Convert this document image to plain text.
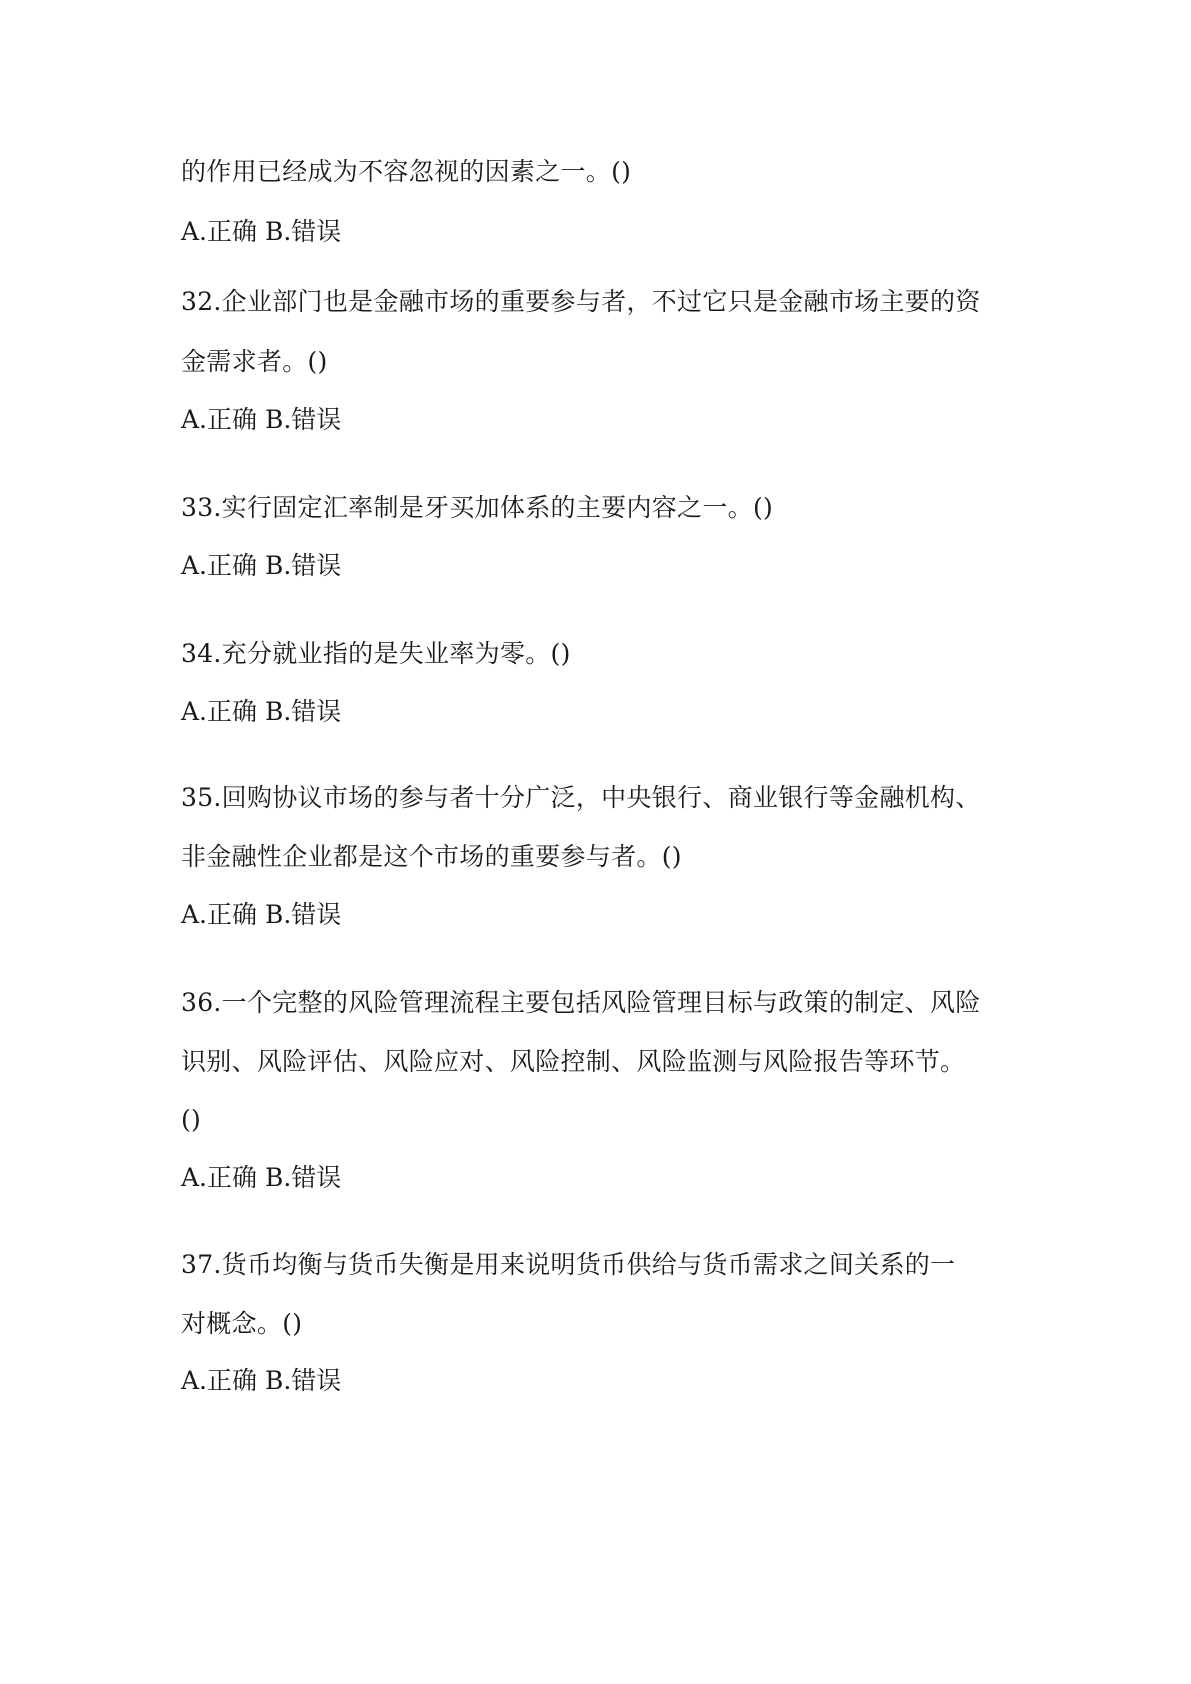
的作用已经成为不容忽视的因素之一。()
A.正确 B.错误
32.企业部门也是金融市场的重要参与者，不过它只是金融市场主要的资
金需求者。()
A.正确 B.错误
33.实行固定汇率制是牙买加体系的主要内容之一。()
A.正确 B.错误
34.充分就业指的是失业率为零。()
A.正确 B.错误
35.回购协议市场的参与者十分广泛，中央银行、商业银行等金融机构、
非金融性企业都是这个市场的重要参与者。()
A.正确 B.错误
36.一个完整的风险管理流程主要包括风险管理目标与政策的制定、风险
识别、风险评估、风险应对、风险控制、风险监测与风险报告等环节。
()
A.正确 B.错误
37.货币均衡与货币失衡是用来说明货币供给与货币需求之间关系的一
对概念。()
A.正确 B.错误
